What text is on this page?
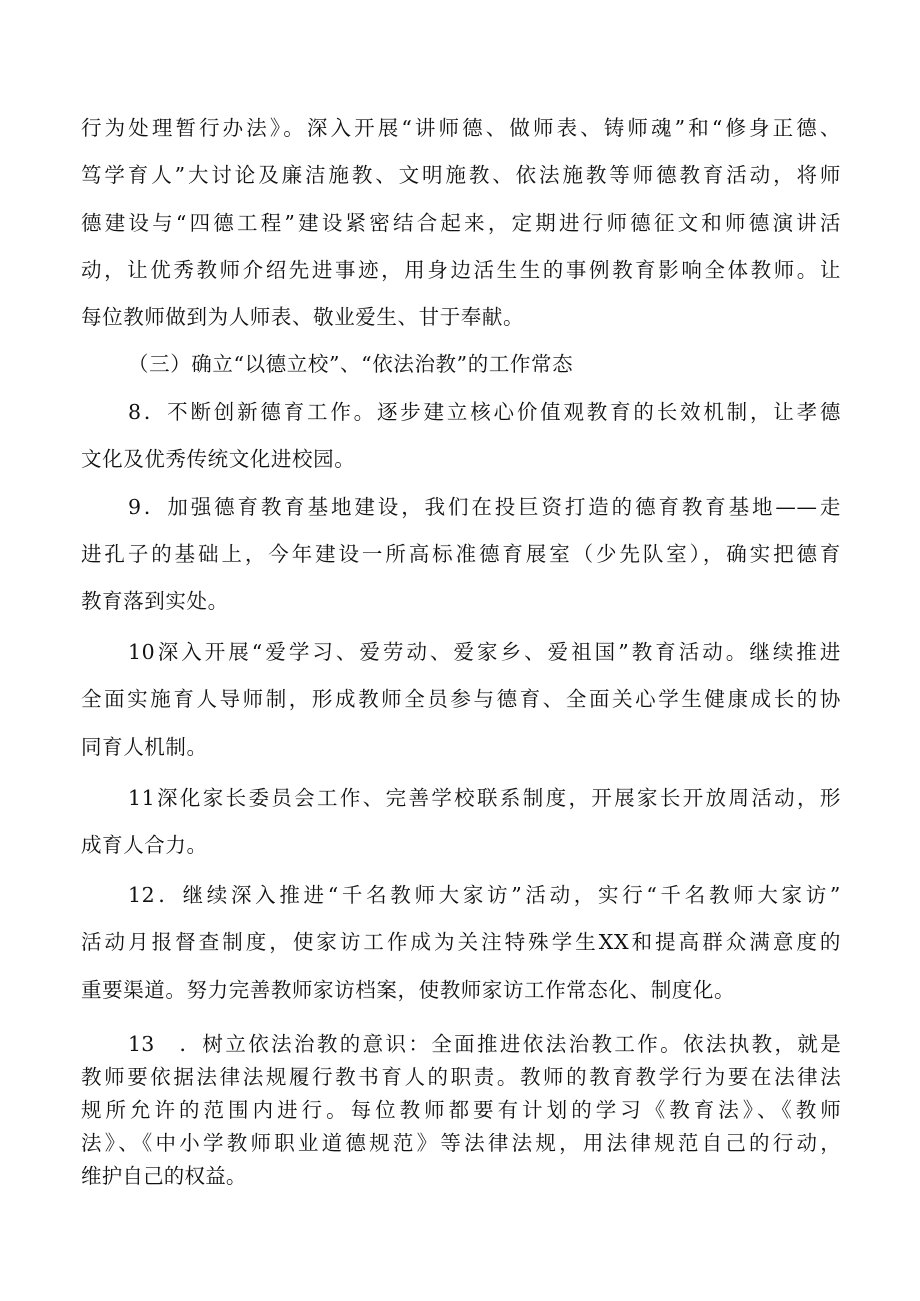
行为处理暂行办法》。深入开展“讲师德、做师表、铸师魂”和“修身正德、
笃学育人”大讨论及廉洁施教、文明施教、依法施教等师德教育活动，将师
德建设与“四德工程”建设紧密结合起来，定期进行师德征文和师德演讲活
动，让优秀教师介绍先进事迹，用身边活生生的事例教育影响全体教师。让
每位教师做到为人师表、敬业爱生、甘于奉献。
（三）确立“以德立校”、“依法治教”的工作常态
8．不断创新德育工作。逐步建立核心价值观教育的长效机制，让孝德
文化及优秀传统文化进校园。
9．加强德育教育基地建设，我们在投巨资打造的德育教育基地——走
进孔子的基础上，今年建设一所高标准德育展室（少先队室），确实把德育
教育落到实处。
10深入开展“爱学习、爱劳动、爱家乡、爱祖国”教育活动。继续推进
全面实施育人导师制，形成教师全员参与德育、全面关心学生健康成长的协
同育人机制。
11深化家长委员会工作、完善学校联系制度，开展家长开放周活动，形
成育人合力。
12．继续深入推进“千名教师大家访”活动，实行“千名教师大家访”
活动月报督查制度，使家访工作成为关注特殊学生XX和提高群众满意度的
重要渠道。努力完善教师家访档案，使教师家访工作常态化、制度化。
13　．树立依法治教的意识：全面推进依法治教工作。依法执教，就是
教师要依据法律法规履行教书育人的职责。教师的教育教学行为要在法律法
规所允许的范围内进行。每位教师都要有计划的学习《教育法》、《教师
法》、《中小学教师职业道德规范》等法律法规，用法律规范自己的行动，
维护自己的权益。
